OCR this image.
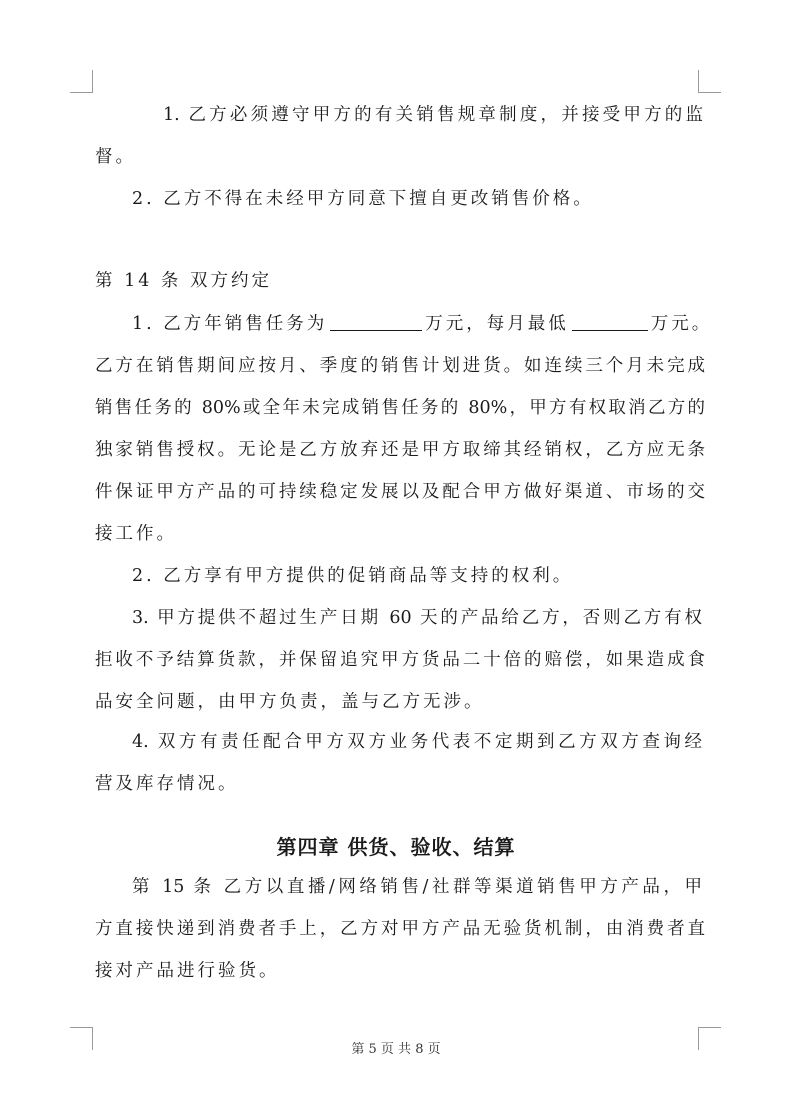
1. 乙方必须遵守甲方的有关销售规章制度，并接受甲方的监
督。
2. 乙方不得在未经甲方同意下擅自更改销售价格。
第 14 条 双方约定
1. 乙方年销售任务为	万元，每月最低	万元。
乙方在销售期间应按月、季度的销售计划进货。如连续三个月未完成
销售任务的 80%或全年未完成销售任务的 80%，甲方有权取消乙方的
独家销售授权。无论是乙方放弃还是甲方取缔其经销权，乙方应无条
件保证甲方产品的可持续稳定发展以及配合甲方做好渠道、市场的交
接工作。
2. 乙方享有甲方提供的促销商品等支持的权利。
3. 甲方提供不超过生产日期 60 天的产品给乙方，否则乙方有权
拒收不予结算货款，并保留追究甲方货品二十倍的赔偿，如果造成食
品安全问题，由甲方负责，盖与乙方无涉。
4. 双方有责任配合甲方双方业务代表不定期到乙方双方查询经
营及库存情况。
第四章 供货、验收、结算
第 15 条 乙方以直播/网络销售/社群等渠道销售甲方产品，甲
方直接快递到消费者手上，乙方对甲方产品无验货机制，由消费者直
接对产品进行验货。
第 5 页 共 8 页
